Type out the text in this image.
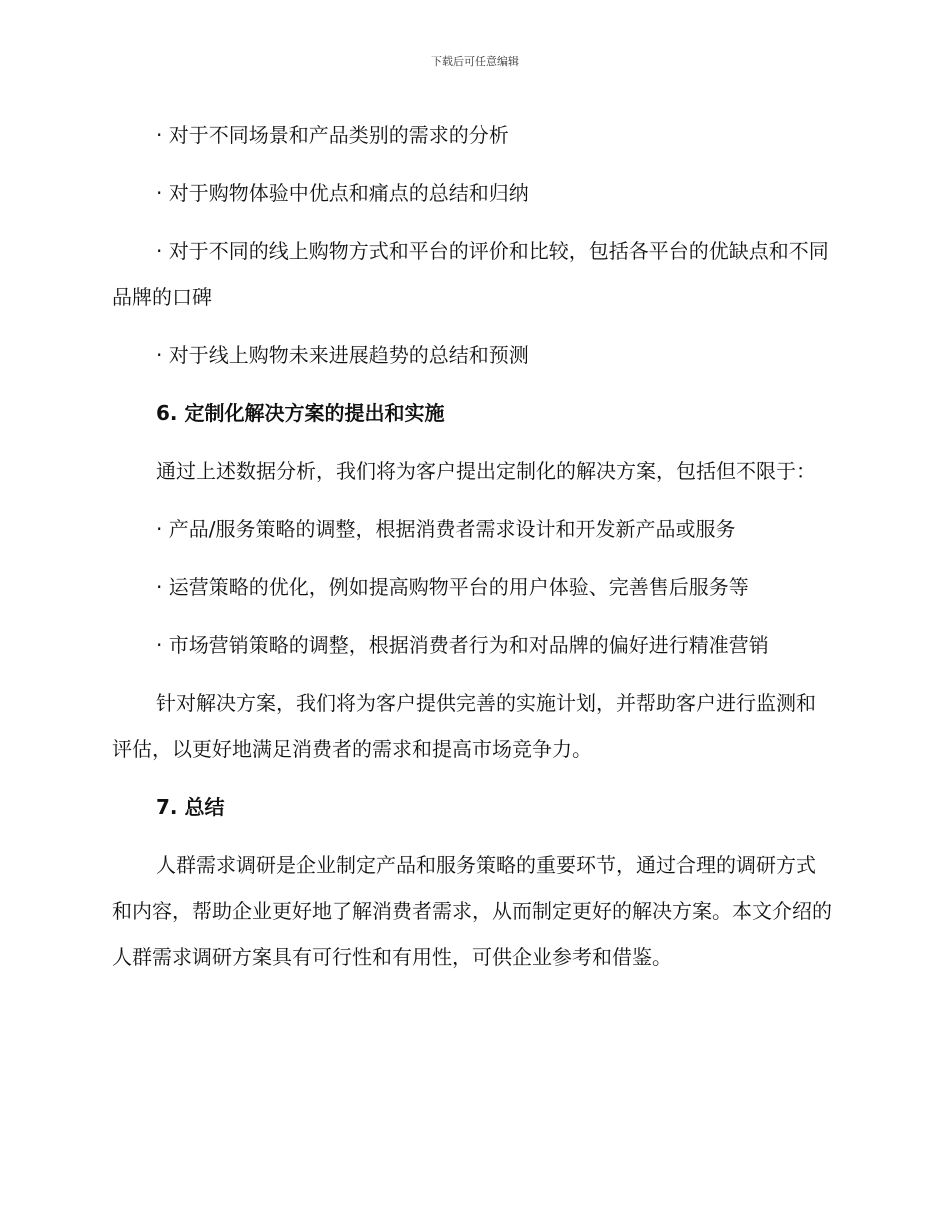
下载后可任意编辑

· 对于不同场景和产品类别的需求的分析

· 对于购物体验中优点和痛点的总结和归纳

· 对于不同的线上购物方式和平台的评价和比较，包括各平台的优缺点和不同品牌的口碑

· 对于线上购物未来进展趋势的总结和预测

6. 定制化解决方案的提出和实施

通过上述数据分析，我们将为客户提出定制化的解决方案，包括但不限于：

· 产品/服务策略的调整，根据消费者需求设计和开发新产品或服务

· 运营策略的优化，例如提高购物平台的用户体验、完善售后服务等

· 市场营销策略的调整，根据消费者行为和对品牌的偏好进行精准营销

针对解决方案，我们将为客户提供完善的实施计划，并帮助客户进行监测和评估，以更好地满足消费者的需求和提高市场竞争力。

7. 总结

人群需求调研是企业制定产品和服务策略的重要环节，通过合理的调研方式和内容，帮助企业更好地了解消费者需求，从而制定更好的解决方案。本文介绍的人群需求调研方案具有可行性和有用性，可供企业参考和借鉴。
